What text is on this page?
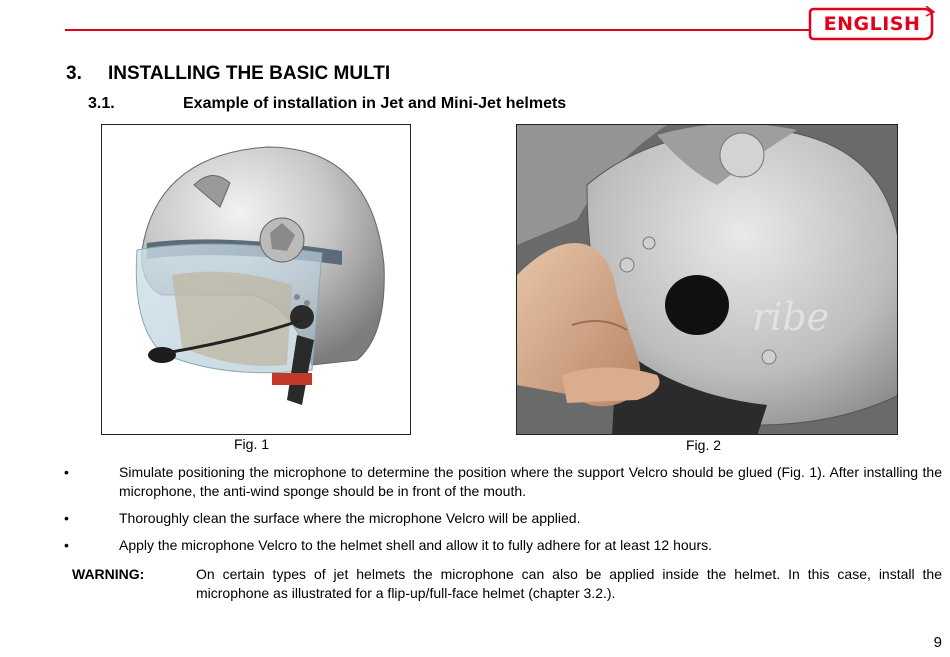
ENGLISH
3. INSTALLING THE BASIC MULTI
3.1.	Example of installation in Jet and Mini-Jet helmets
ribe
Fig. 1	Fig. 2
•	Simulate positioning the microphone to determine the position where the support Velcro should be glued (Fig. 1). After installing the microphone, the anti-wind sponge should be in front of the mouth.
•	Thoroughly clean the surface where the microphone Velcro will be applied.
•	Apply the microphone Velcro to the helmet shell and allow it to fully adhere for at least 12 hours.
WARNING:	On certain types of jet helmets the microphone can also be applied inside the helmet. In this case, install the microphone as illustrated for a flip-up/full-face helmet (chapter 3.2.).
9
